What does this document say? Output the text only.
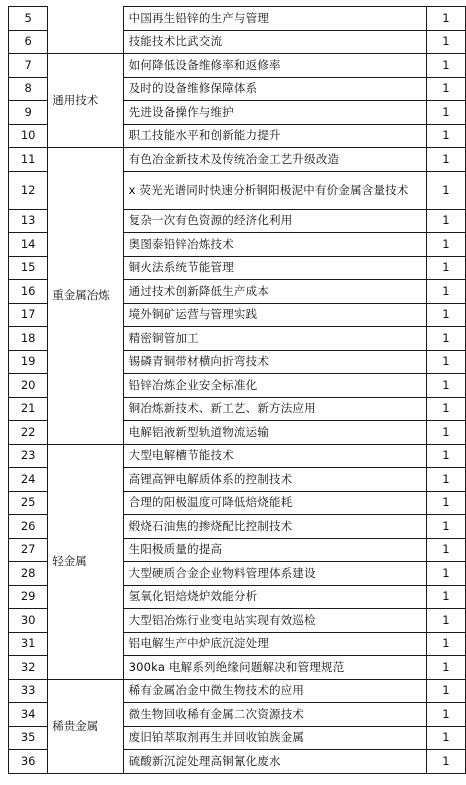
5		中国再生铅锌的生产与管理	1
6		技能技术比武交流	1
7	通用技术	如何降低设备维修率和返修率	1
8		及时的设备维修保障体系	1
9		先进设备操作与维护	1
10		职工技能水平和创新能力提升	1
11	重金属冶炼	有色冶金新技术及传统冶金工艺升级改造	1
12		x 荧光光谱同时快速分析铜阳极泥中有价金属含量技术	1
13		复杂一次有色资源的经济化利用	1
14		奥图泰铅锌冶炼技术	1
15		铜火法系统节能管理	1
16		通过技术创新降低生产成本	1
17		境外铜矿运营与管理实践	1
18		精密铜管加工	1
19		锡磷青铜带材横向折弯技术	1
20		铅锌冶炼企业安全标准化	1
21		铜冶炼新技术、新工艺、新方法应用	1
22		电解铝液新型轨道物流运输	1
23	轻金属	大型电解槽节能技术	1
24		高锂高钾电解质体系的控制技术	1
25		合理的阳极温度可降低焙烧能耗	1
26		煅烧石油焦的掺烧配比控制技术	1
27		生阳极质量的提高	1
28		大型硬质合金企业物料管理体系建设	1
29		氢氧化铝焙烧炉效能分析	1
30		大型铝冶炼行业变电站实现有效巡检	1
31		铝电解生产中炉底沉淀处理	1
32		300ka 电解系列绝缘问题解决和管理规范	1
33	稀贵金属	稀有金属冶金中微生物技术的应用	1
34		微生物回收稀有金属二次资源技术	1
35		废旧铂萃取剂再生并回收铂族金属	1
36		硫酸新沉淀处理高铜氰化废水	1
